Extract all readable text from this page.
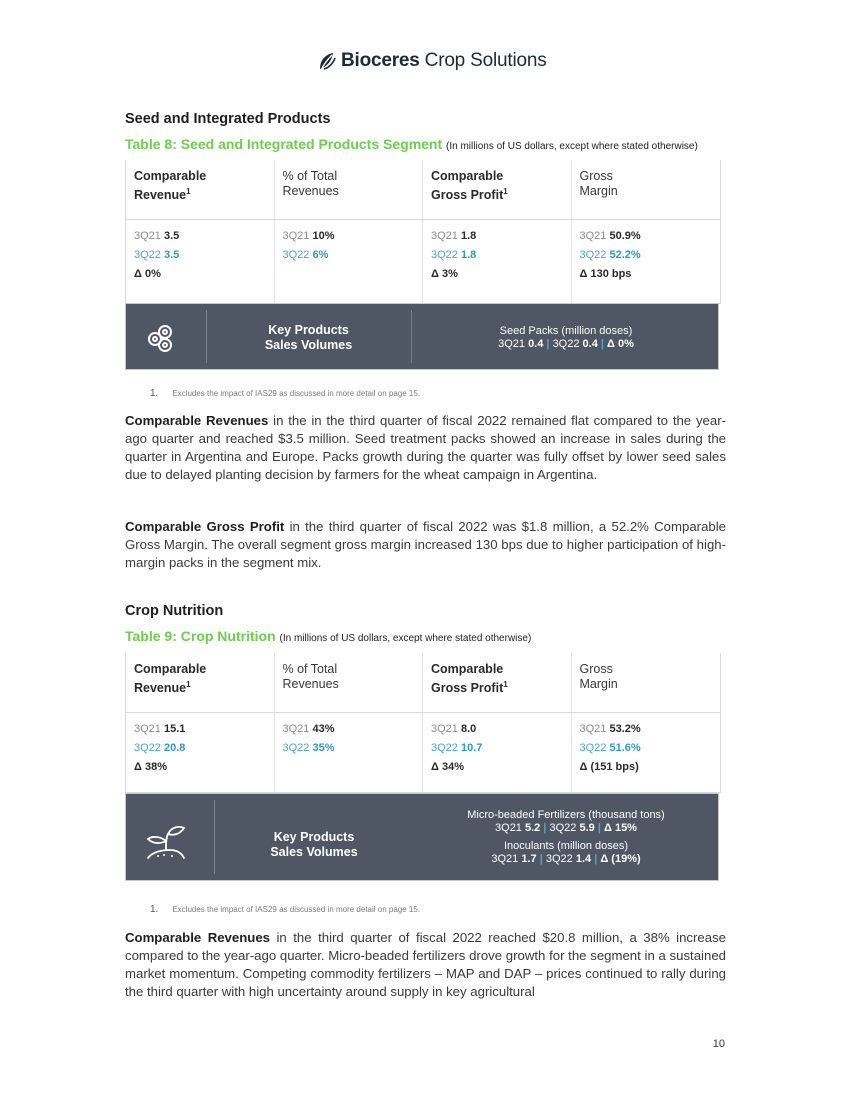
Bioceres Crop Solutions
Seed and Integrated Products
Table 8: Seed and Integrated Products Segment (In millions of US dollars, except where stated otherwise)
Comparable
Revenue$^1$
% of Total
Revenues
Comparable
Gross Profit$^1$
Gross
Margin
3Q21 3.5
3Q22 3.5
Δ 0%
3Q21 10%
3Q22 6%
3Q21 1.8
3Q22 1.8
Δ 3%
3Q21 50.9%
3Q22 52.2%
Δ 130 bps
Key Products
Sales Volumes
Seed Packs (million doses)
3Q21 0.4 | 3Q22 0.4 | Δ 0%
1. Excludes the impact of IAS29 as discussed in more detail on page 15.
Comparable Revenues in the in the third quarter of fiscal 2022 remained flat compared to the year-ago quarter and reached $3.5 million. Seed treatment packs showed an increase in sales during the quarter in Argentina and Europe. Packs growth during the quarter was fully offset by lower seed sales due to delayed planting decision by farmers for the wheat campaign in Argentina.
Comparable Gross Profit in the third quarter of fiscal 2022 was $1.8 million, a 52.2% Comparable Gross Margin. The overall segment gross margin increased 130 bps due to higher participation of high-margin packs in the segment mix.
Crop Nutrition
Table 9: Crop Nutrition (In millions of US dollars, except where stated otherwise)
Comparable
Revenue$^1$
% of Total
Revenues
Comparable
Gross Profit$^1$
Gross
Margin
3Q21 15.1
3Q22 20.8
Δ 38%
3Q21 43%
3Q22 35%
3Q21 8.0
3Q22 10.7
Δ 34%
3Q21 53.2%
3Q22 51.6%
Δ (151 bps)
Key Products
Sales Volumes
Micro-beaded Fertilizers (thousand tons)
3Q21 5.2 | 3Q22 5.9 | Δ 15%
Inoculants (million doses)
3Q21 1.7 | 3Q22 1.4 | Δ (19%)
1. Excludes the impact of IAS29 as discussed in more detail on page 15.
Comparable Revenues in the third quarter of fiscal 2022 reached $20.8 million, a 38% increase compared to the year-ago quarter. Micro-beaded fertilizers drove growth for the segment in a sustained market momentum. Competing commodity fertilizers – MAP and DAP – prices continued to rally during the third quarter with high uncertainty around supply in key agricultural
10
